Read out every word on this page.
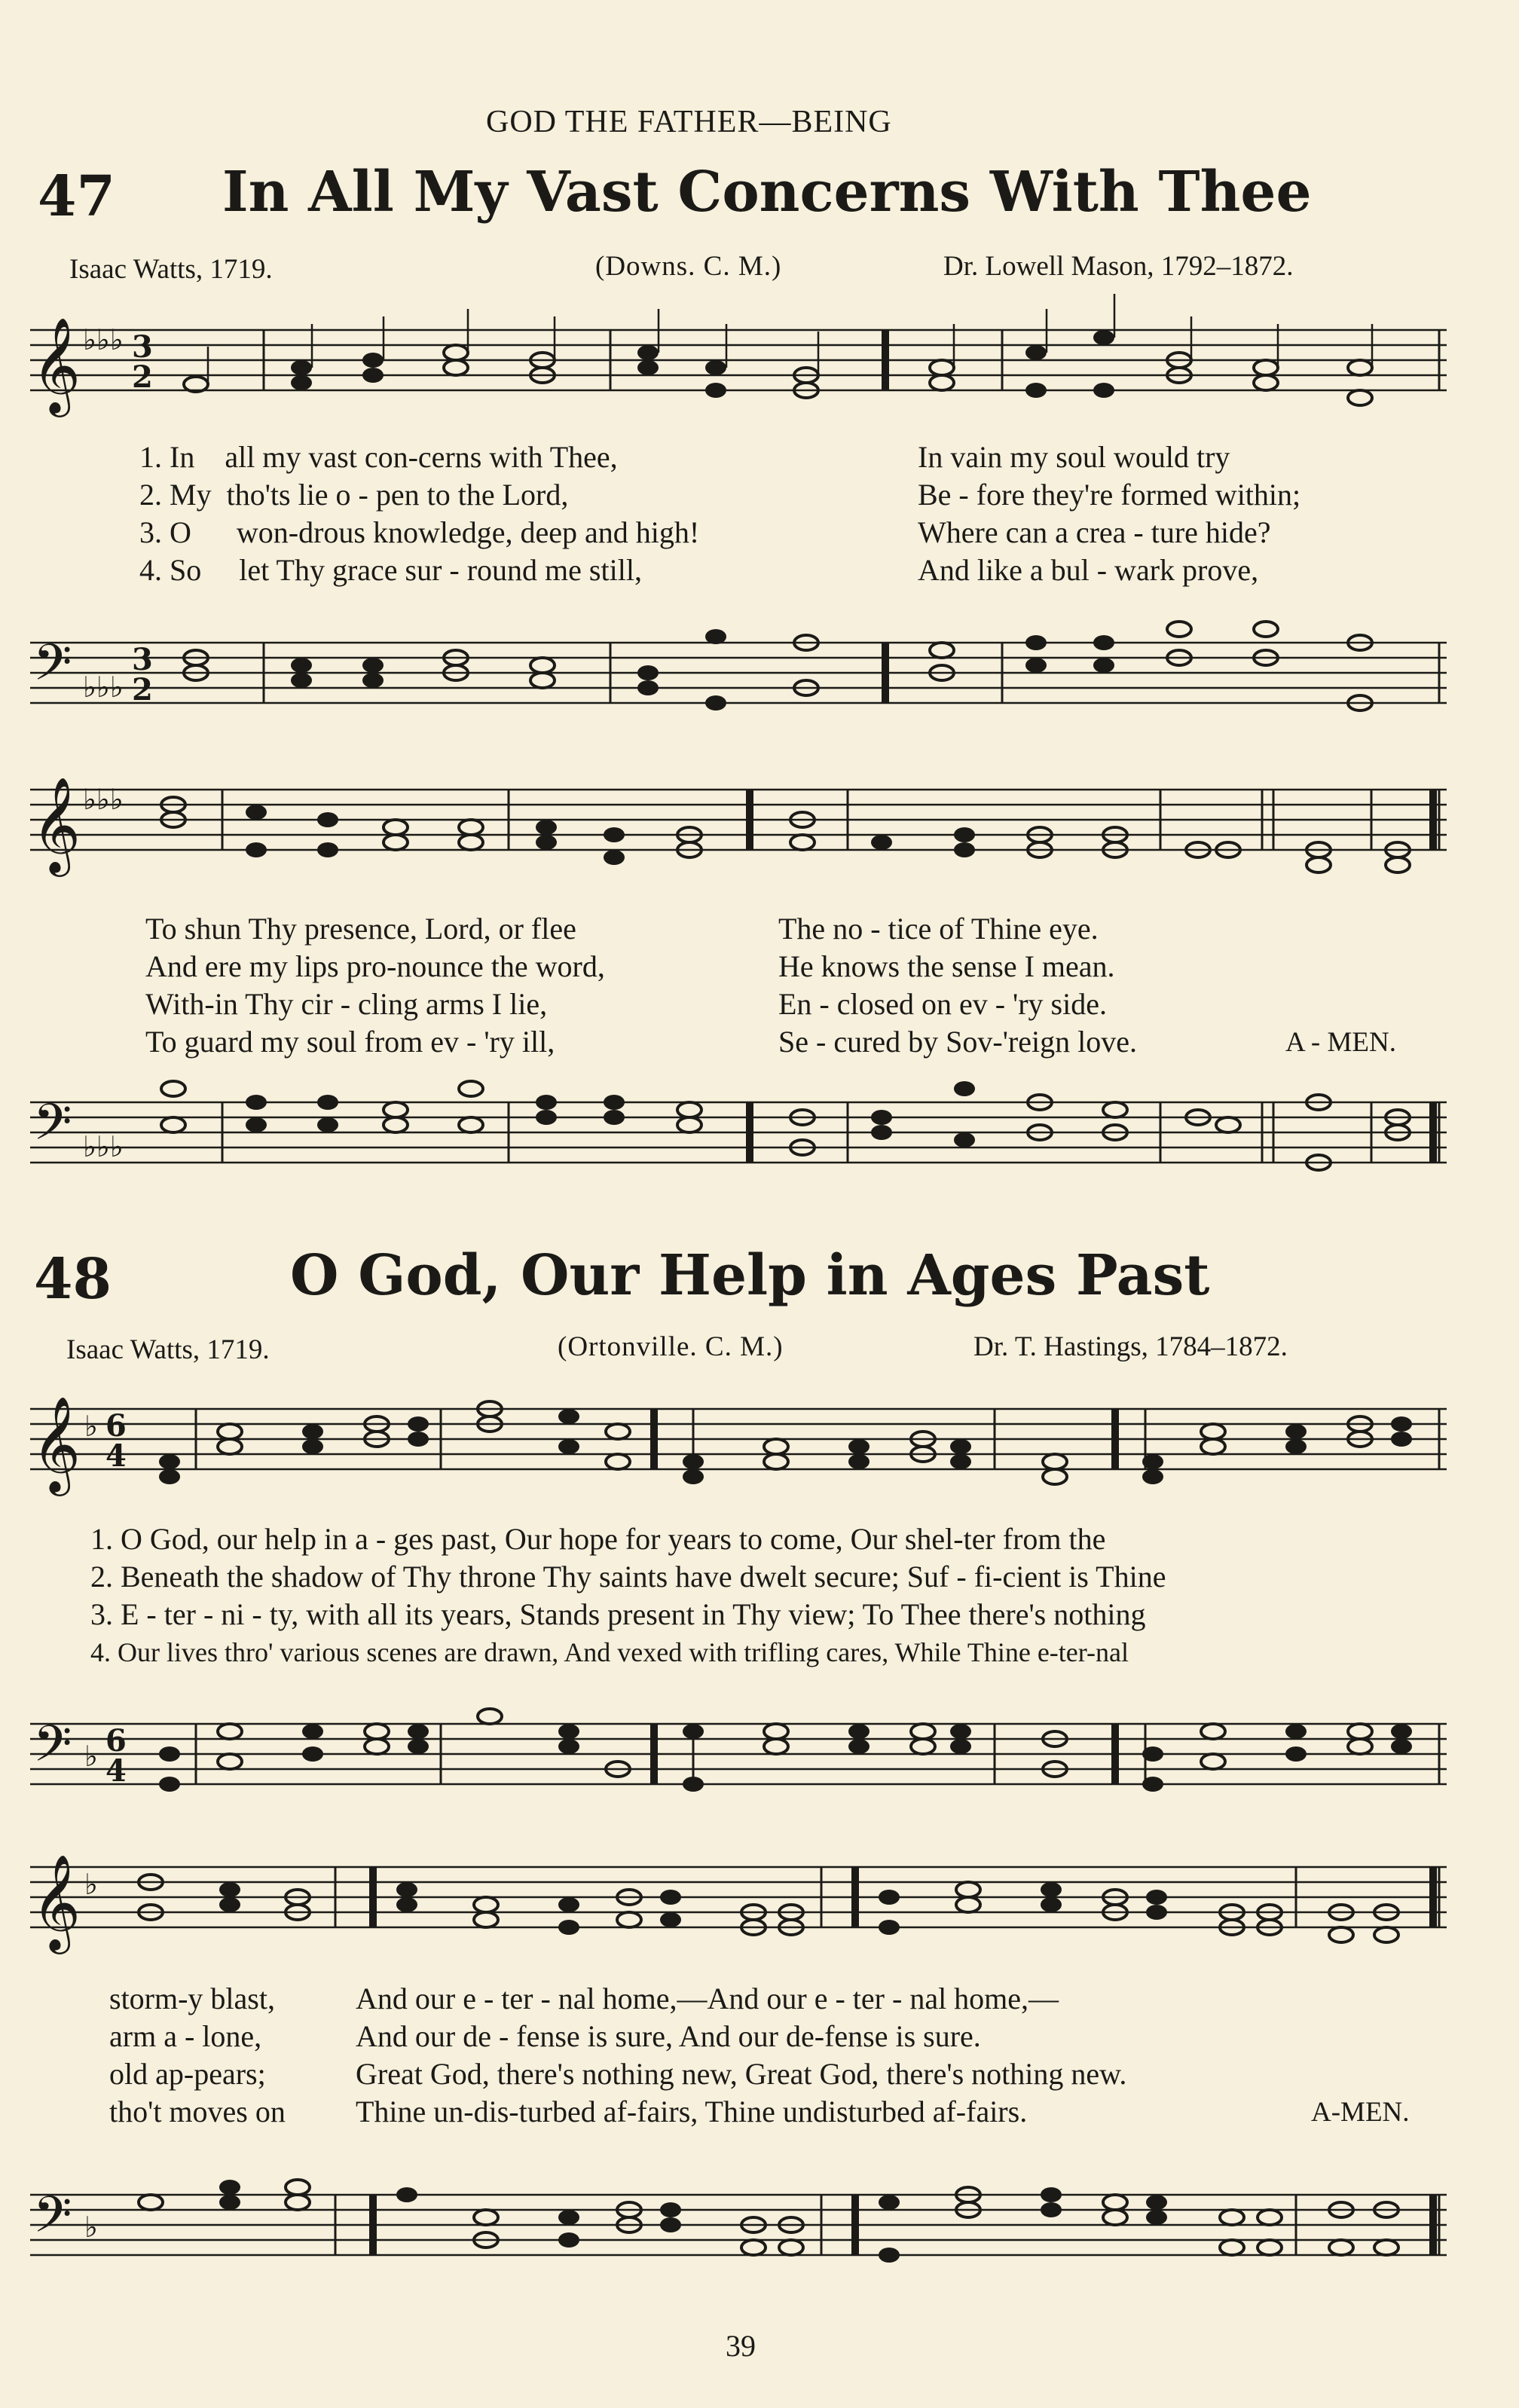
GOD THE FATHER—BEING
47 In All My Vast Concerns With Thee
Isaac Watts, 1719.	(Downs. C. M.)	Dr. Lowell Mason, 1792–1872.
𝄞 ♭♭♭ 3
2
1. In all my vast con-cerns with Thee,
2. My tho'ts lie o - pen to the Lord,
3. O won-drous knowledge, deep and high!
4. So let Thy grace sur - round me still,
In vain my soul would try
Be - fore they're formed within;
Where can a crea - ture hide?
And like a bul - wark prove,
𝄢 ♭♭♭
3
2
𝄞 ♭♭♭
To shun Thy presence, Lord, or flee
And ere my lips pro-nounce the word,
With-in Thy cir - cling arms I lie,
To guard my soul from ev - 'ry ill,
The no - tice of Thine eye.
He knows the sense I mean.
En - closed on ev - 'ry side.
Se - cured by Sov-'reign love.	A - MEN.
𝄢 ♭♭♭
48	O God, Our Help in Ages Past
Isaac Watts, 1719.	(Ortonville. C. M.)	Dr. T. Hastings, 1784–1872.
𝄞 ♭ 6
4
1. O God, our help in a - ges past, Our hope for years to come, Our shel-ter from the
2. Beneath the shadow of Thy throne Thy saints have dwelt secure; Suf - fi-cient is Thine
3. E - ter - ni - ty, with all its years, Stands present in Thy view; To Thee there's nothing
4. Our lives thro' various scenes are drawn, And vexed with trifling cares, While Thine e-ter-nal
𝄢 ♭ 6
4
𝄞 ♭
storm-y blast,
arm a - lone,
old ap-pears;
tho't moves on
And our e - ter - nal home,—And our e - ter - nal home,—
And our de - fense is sure, And our de-fense is sure.
Great God, there's nothing new, Great God, there's nothing new.
Thine un-dis-turbed af-fairs, Thine undisturbed af-fairs.	A-MEN.
𝄢 ♭
39
